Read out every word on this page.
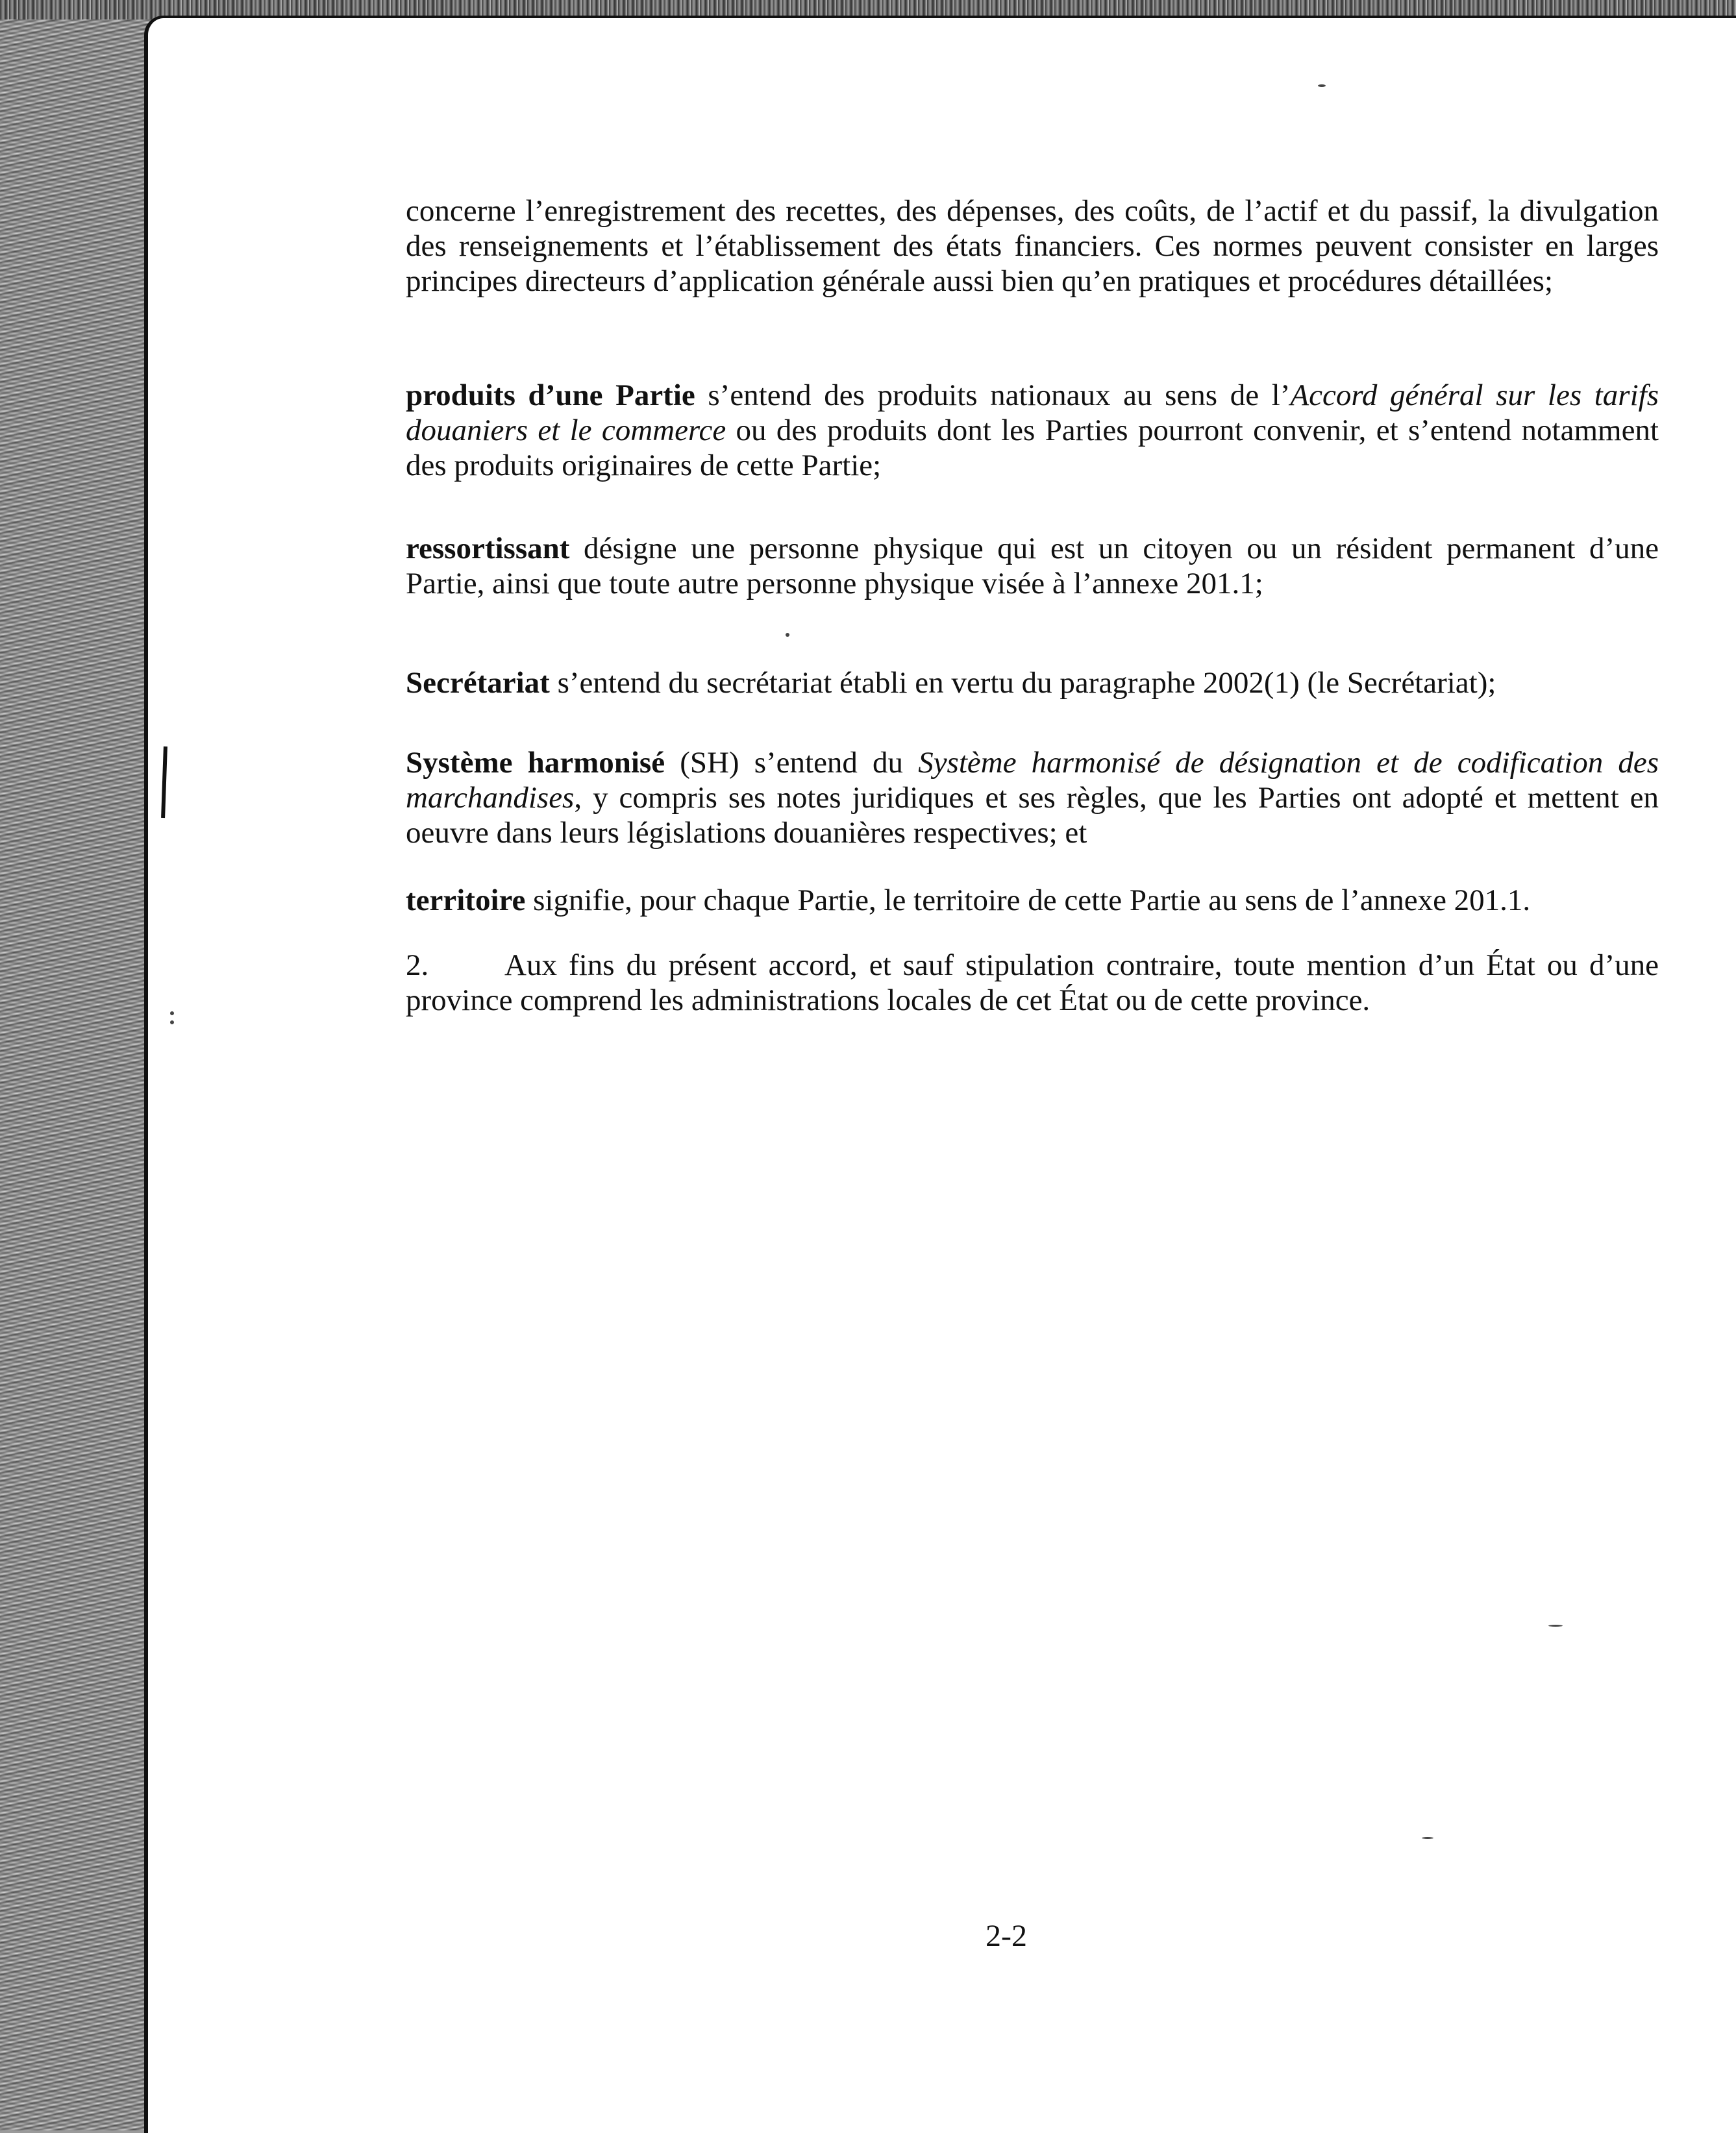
concerne l’enregistrement des recettes, des dépenses, des coûts, de l’actif et du passif, la divulgation des renseignements et l’établissement des états financiers. Ces normes peuvent consister en larges principes directeurs d’application générale aussi bien qu’en pratiques et procédures détaillées;
produits d’une Partie s’entend des produits nationaux au sens de l’Accord général sur les tarifs douaniers et le commerce ou des produits dont les Parties pourront convenir, et s’entend notamment des produits originaires de cette Partie;
ressortissant désigne une personne physique qui est un citoyen ou un résident permanent d’une Partie, ainsi que toute autre personne physique visée à l’annexe 201.1;
Secrétariat s’entend du secrétariat établi en vertu du paragraphe 2002(1) (le Secrétariat);
Système harmonisé (SH) s’entend du Système harmonisé de désignation et de codification des marchandises, y compris ses notes juridiques et ses règles, que les Parties ont adopté et mettent en oeuvre dans leurs législations douanières respectives; et
territoire signifie, pour chaque Partie, le territoire de cette Partie au sens de l’annexe 201.1.
2. Aux fins du présent accord, et sauf stipulation contraire, toute mention d’un État ou d’une province comprend les administrations locales de cet État ou de cette province.
2-2
